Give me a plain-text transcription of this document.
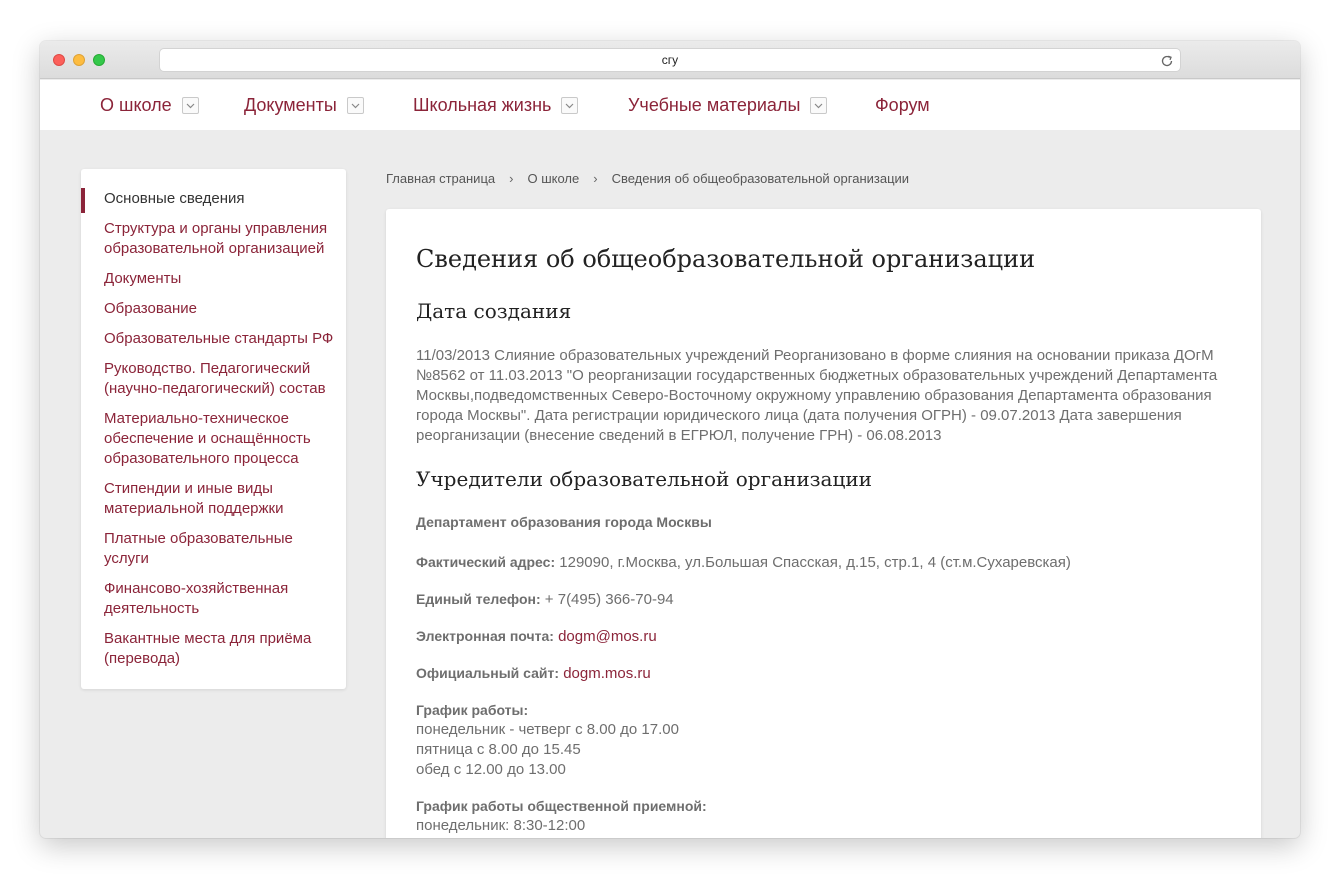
сгу
О школе	Документы	Школьная жизнь	Учебные материалы	Форум
Основные сведения
Структура и органы управления образовательной организацией
Документы
Образование
Образовательные стандарты РФ
Руководство. Педагогический (научно-педагогический) состав
Материально-техническое обеспечение и оснащённость образовательного процесса
Стипендии и иные виды материальной поддержки
Платные образовательные услуги
Финансово-хозяйственная деятельность
Вакантные места для приёма (перевода)
Главная страница › О школе › Сведения об общеобразовательной организации
Сведения об общеобразовательной организации
Дата создания

11/03/2013 Слияние образовательных учреждений Реорганизовано в форме слияния на основании приказа ДОгМ №8562 от 11.03.2013 "О реорганизации государственных бюджетных образовательных учреждений Департамента Москвы,подведомственных Северо-Восточному окружному управлению образования Департамента образования города Москвы". Дата регистрации юридического лица (дата получения ОГРН) - 09.07.2013 Дата завершения реорганизации (внесение сведений в ЕГРЮЛ, получение ГРН) - 06.08.2013

Учредители образовательной организации
Департамент образования города Москвы
Фактический адрес: 129090, г.Москва, ул.Большая Спасская, д.15, стр.1, 4 (ст.м.Сухаревская)
Единый телефон: + 7(495) 366-70-94
Электронная почта: dogm@mos.ru
Официальный сайт: dogm.mos.ru
График работы:
понедельник - четверг с 8.00 до 17.00
пятница с 8.00 до 15.45
обед с 12.00 до 13.00
График работы общественной приемной:
понедельник: 8:30-12:00
